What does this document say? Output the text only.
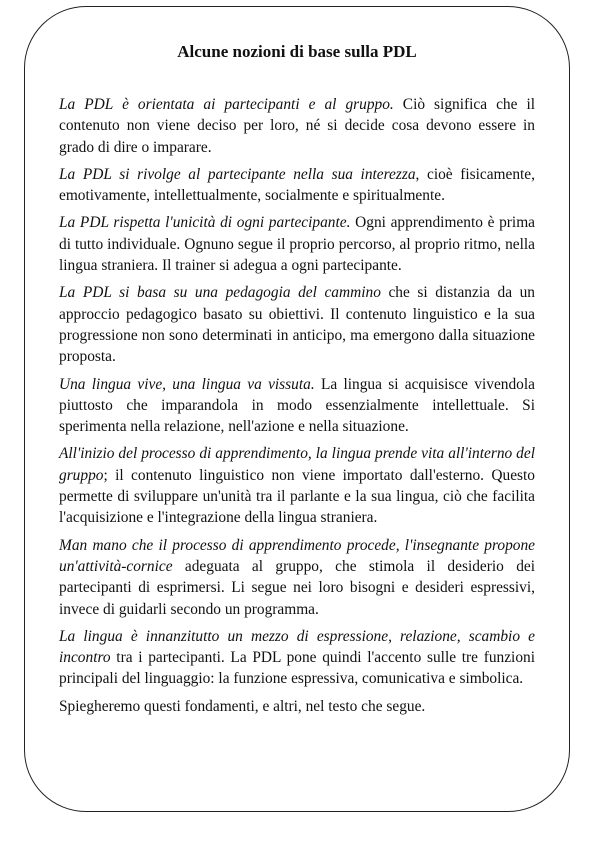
Alcune nozioni di base sulla PDL

La PDL è orientata ai partecipanti e al gruppo. Ciò significa che il contenuto non viene deciso per loro, né si decide cosa devono essere in grado di dire o imparare.

La PDL si rivolge al partecipante nella sua interezza, cioè fisicamente, emotivamente, intellettualmente, socialmente e spiritualmente.

La PDL rispetta l'unicità di ogni partecipante. Ogni apprendimento è prima di tutto individuale. Ognuno segue il proprio percorso, al proprio ritmo, nella lingua straniera. Il trainer si adegua a ogni partecipante.

La PDL si basa su una pedagogia del cammino che si distanzia da un approccio pedagogico basato su obiettivi. Il contenuto linguistico e la sua progressione non sono determinati in anticipo, ma emergono dalla situazione proposta.

Una lingua vive, una lingua va vissuta. La lingua si acquisisce vivendola piuttosto che imparandola in modo essenzialmente intellettuale. Si sperimenta nella relazione, nell'azione e nella situazione.

All'inizio del processo di apprendimento, la lingua prende vita all'interno del gruppo; il contenuto linguistico non viene importato dall'esterno. Questo permette di sviluppare un'unità tra il parlante e la sua lingua, ciò che facilita l'acquisizione e l'integrazione della lingua straniera.

Man mano che il processo di apprendimento procede, l'insegnante propone un'attività-cornice adeguata al gruppo, che stimola il desiderio dei partecipanti di esprimersi. Li segue nei loro bisogni e desideri espressivi, invece di guidarli secondo un programma.

La lingua è innanzitutto un mezzo di espressione, relazione, scambio e incontro tra i partecipanti. La PDL pone quindi l'accento sulle tre funzioni principali del linguaggio: la funzione espressiva, comunicativa e simbolica.

Spiegheremo questi fondamenti, e altri, nel testo che segue.
